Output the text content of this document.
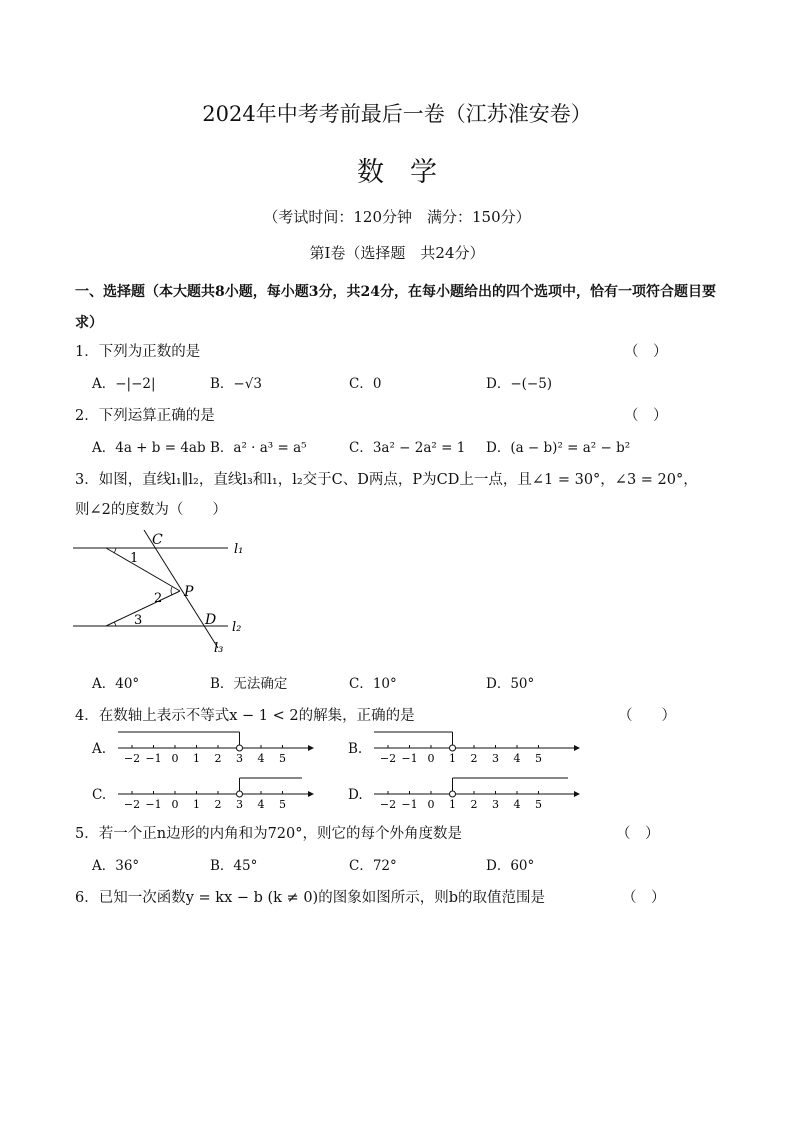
2024年中考考前最后一卷（江苏淮安卷）
数学
（考试时间：120分钟　满分：150分）
第Ⅰ卷（选择题　共24分）
一、选择题（本大题共8小题，每小题3分，共24分，在每小题给出的四个选项中，恰有一项符合题目要求）
1．下列为正数的是	（　）
A．−|−2|	B．−√3	C．0	D．−(−5)
2．下列运算正确的是	（　）
A．4a + b = 4ab B．a² · a³ = a⁵	C．3a² − 2a² = 1 D．(a − b)² = a² − b²
3．如图，直线l₁∥l₂，直线l₃和l₁，l₂交于C、D两点，P为CD上一点，且∠1 = 30°，∠3 = 20°，
则∠2的度数为（　　）
C
P
D
l₁
l₂
l₃
1
2
3
A．40°	B．无法确定	C．10°	D．50°
4．在数轴上表示不等式x − 1 < 2的解集，正确的是	（　　）
A.	B.
C.	D.
−2 −1 0 1 2 3 4 5	−2 −1 0 1 2 3 4 5
−2 −1 0 1 2 3 4 5	−2 −1 0 1 2 3 4 5
5．若一个正n边形的内角和为720°，则它的每个外角度数是	（　）
A．36°	B．45°	C．72°	D．60°
6．已知一次函数y = kx − b (k ≠ 0)的图象如图所示，则b的取值范围是	（　）
